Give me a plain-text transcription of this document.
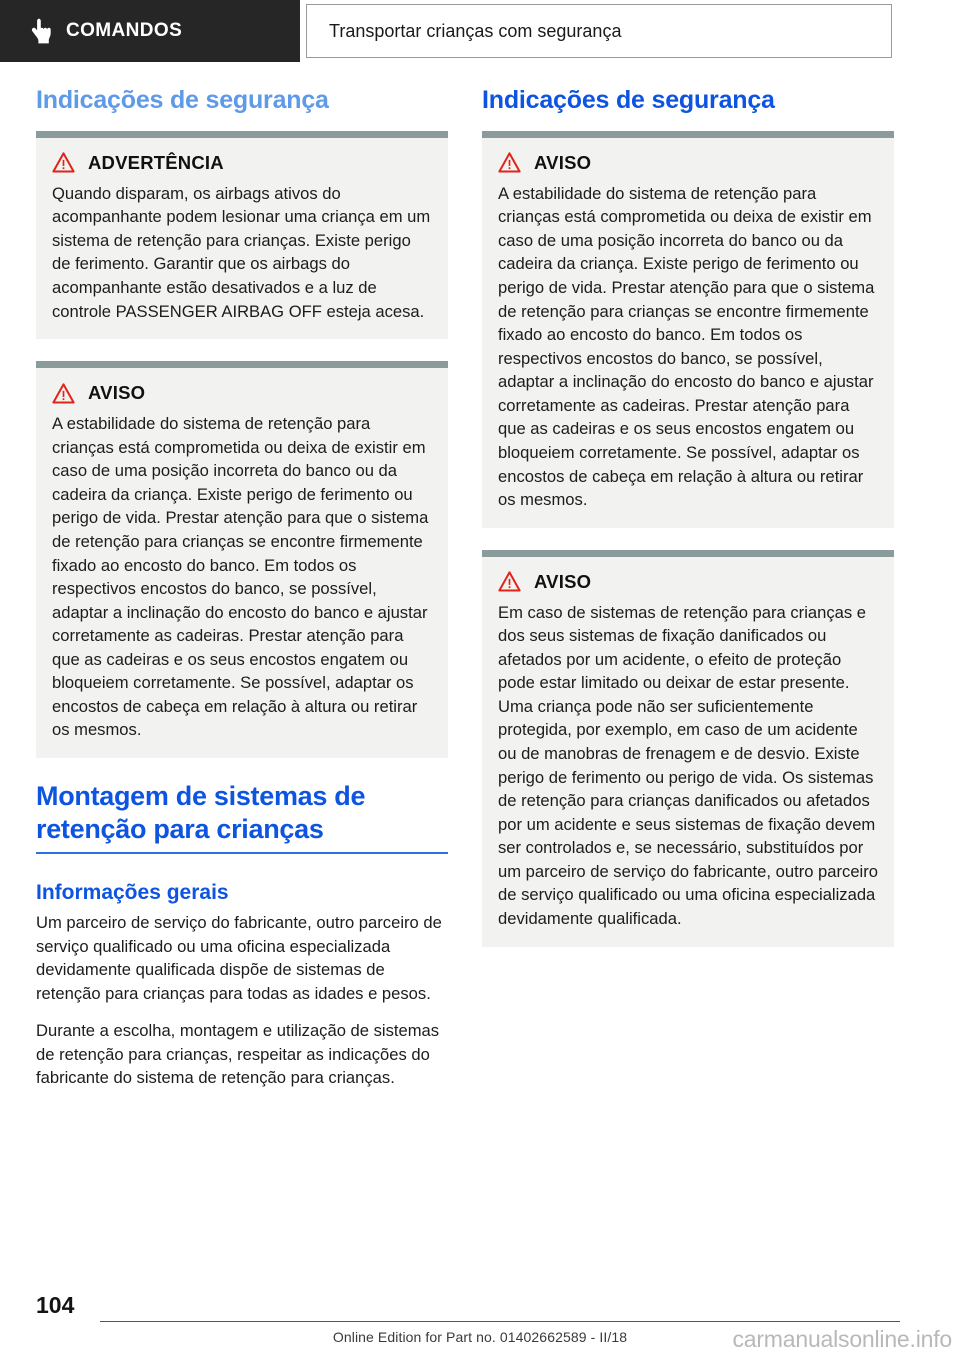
COMANDOS	Transportar crianças com segurança
Indicações de segurança
ADVERTÊNCIA

Quando disparam, os airbags ativos do acompanhante podem lesionar uma criança em um sistema de retenção para crianças. Existe perigo de ferimento. Garantir que os airbags do acompanhante estão desativados e a luz de controle PASSENGER AIRBAG OFF esteja acesa.

AVISO

A estabilidade do sistema de retenção para crianças está comprometida ou deixa de existir em caso de uma posição incorreta do banco ou da cadeira da criança. Existe perigo de ferimento ou perigo de vida. Prestar atenção para que o sistema de retenção para crianças se encontre firmemente fixado ao encosto do banco. Em todos os respectivos encostos do banco, se possível, adaptar a inclinação do encosto do banco e ajustar corretamente as cadeiras. Prestar atenção para que as cadeiras e os seus encostos engatem ou bloqueiem corretamente. Se possível, adaptar os encostos de cabeça em relação à altura ou retirar os mesmos.

Montagem de sistemas de retenção para crianças
Informações gerais

Um parceiro de serviço do fabricante, outro parceiro de serviço qualificado ou uma oficina especializada devidamente qualificada dispõe de sistemas de retenção para crianças para todas as idades e pesos.

Durante a escolha, montagem e utilização de sistemas de retenção para crianças, respeitar as indicações do fabricante do sistema de retenção para crianças.

Indicações de segurança
AVISO

A estabilidade do sistema de retenção para crianças está comprometida ou deixa de existir em caso de uma posição incorreta do banco ou da cadeira da criança. Existe perigo de ferimento ou perigo de vida. Prestar atenção para que o sistema de retenção para crianças se encontre firmemente fixado ao encosto do banco. Em todos os respectivos encostos do banco, se possível, adaptar a inclinação do encosto do banco e ajustar corretamente as cadeiras. Prestar atenção para que as cadeiras e os seus encostos engatem ou bloqueiem corretamente. Se possível, adaptar os encostos de cabeça em relação à altura ou retirar os mesmos.

AVISO

Em caso de sistemas de retenção para crianças e dos seus sistemas de fixação danificados ou afetados por um acidente, o efeito de proteção pode estar limitado ou deixar de estar presente. Uma criança pode não ser suficientemente protegida, por exemplo, em caso de um acidente ou de manobras de frenagem e de desvio. Existe perigo de ferimento ou perigo de vida. Os sistemas de retenção para crianças danificados ou afetados por um acidente e seus sistemas de fixação devem ser controlados e, se necessário, substituídos por um parceiro de serviço do fabricante, outro parceiro de serviço qualificado ou uma oficina especializada devidamente qualificada.

104
Online Edition for Part no. 01402662589 - II/18	carmanualsonline.info
